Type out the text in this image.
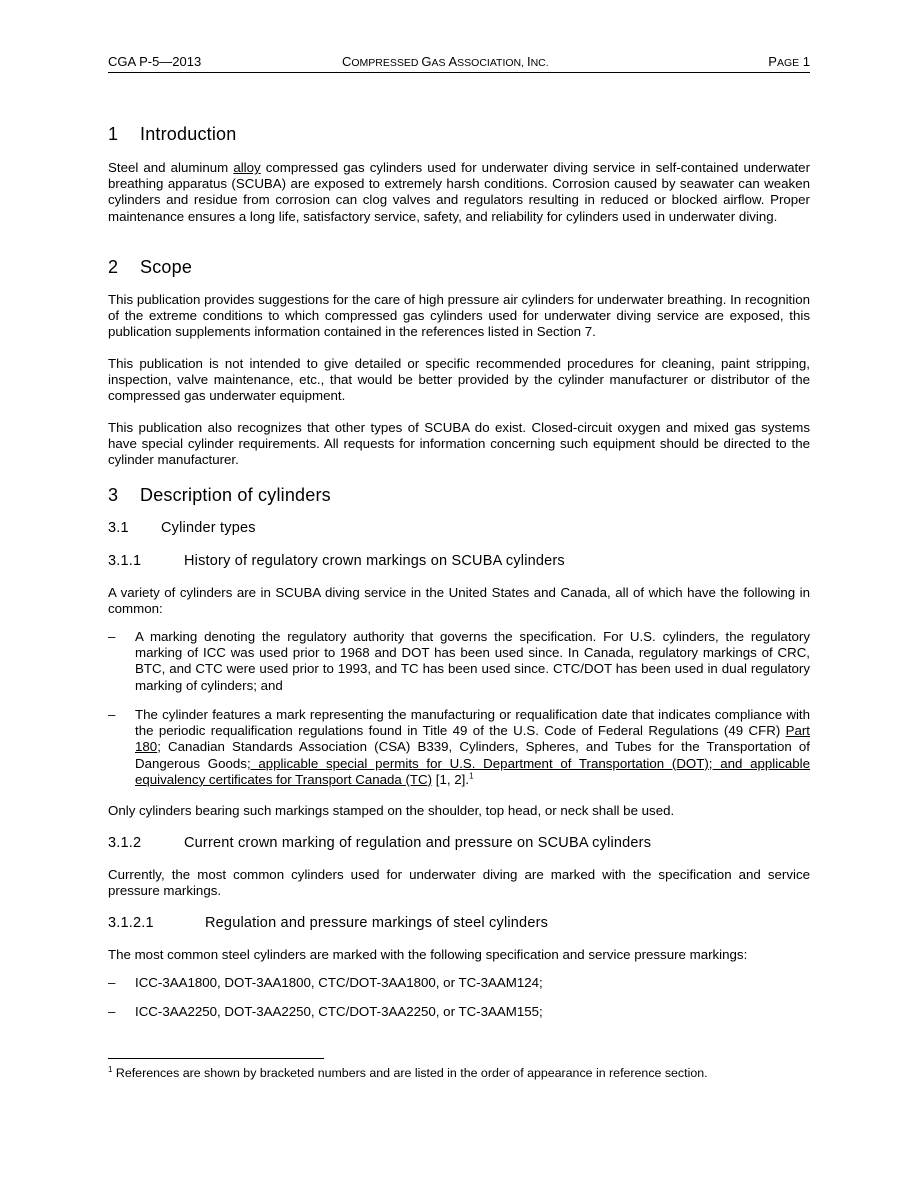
CGA P-5—2013	COMPRESSED GAS ASSOCIATION, INC.	PAGE 1
1 Introduction

Steel and aluminum alloy compressed gas cylinders used for underwater diving service in self-contained underwater breathing apparatus (SCUBA) are exposed to extremely harsh conditions. Corrosion caused by seawater can weaken cylinders and residue from corrosion can clog valves and regulators resulting in reduced or blocked airflow. Proper maintenance ensures a long life, satisfactory service, safety, and reliability for cylinders used in underwater diving.

2 Scope

This publication provides suggestions for the care of high pressure air cylinders for underwater breathing. In recognition of the extreme conditions to which compressed gas cylinders used for underwater diving service are exposed, this publication supplements information contained in the references listed in Section 7.

This publication is not intended to give detailed or specific recommended procedures for cleaning, paint stripping, inspection, valve maintenance, etc., that would be better provided by the cylinder manufacturer or distributor of the compressed gas underwater equipment.

This publication also recognizes that other types of SCUBA do exist. Closed-circuit oxygen and mixed gas systems have special cylinder requirements. All requests for information concerning such equipment should be directed to the cylinder manufacturer.

3 Description of cylinders
3.1 Cylinder types
3.1.1	History of regulatory crown markings on SCUBA cylinders

A variety of cylinders are in SCUBA diving service in the United States and Canada, all of which have the following in common:

– A marking denoting the regulatory authority that governs the specification. For U.S. cylinders, the regulatory marking of ICC was used prior to 1968 and DOT has been used since. In Canada, regulatory markings of CRC, BTC, and CTC were used prior to 1993, and TC has been used since. CTC/DOT has been used in dual regulatory marking of cylinders; and
– The cylinder features a mark representing the manufacturing or requalification date that indicates compliance with the periodic requalification regulations found in Title 49 of the U.S. Code of Federal Regulations (49 CFR) Part 180; Canadian Standards Association (CSA) B339, Cylinders, Spheres, and Tubes for the Transportation of Dangerous Goods; applicable special permits for U.S. Department of Transportation (DOT); and applicable equivalency certificates for Transport Canada (TC) [1, 2].$^1$

Only cylinders bearing such markings stamped on the shoulder, top head, or neck shall be used.

3.1.2	Current crown marking of regulation and pressure on SCUBA cylinders

Currently, the most common cylinders used for underwater diving are marked with the specification and service pressure markings.

3.1.2.1	Regulation and pressure markings of steel cylinders

The most common steel cylinders are marked with the following specification and service pressure markings:

– ICC-3AA1800, DOT-3AA1800, CTC/DOT-3AA1800, or TC-3AAM124;
– ICC-3AA2250, DOT-3AA2250, CTC/DOT-3AA2250, or TC-3AAM155;
$^1$ References are shown by bracketed numbers and are listed in the order of appearance in reference section.
